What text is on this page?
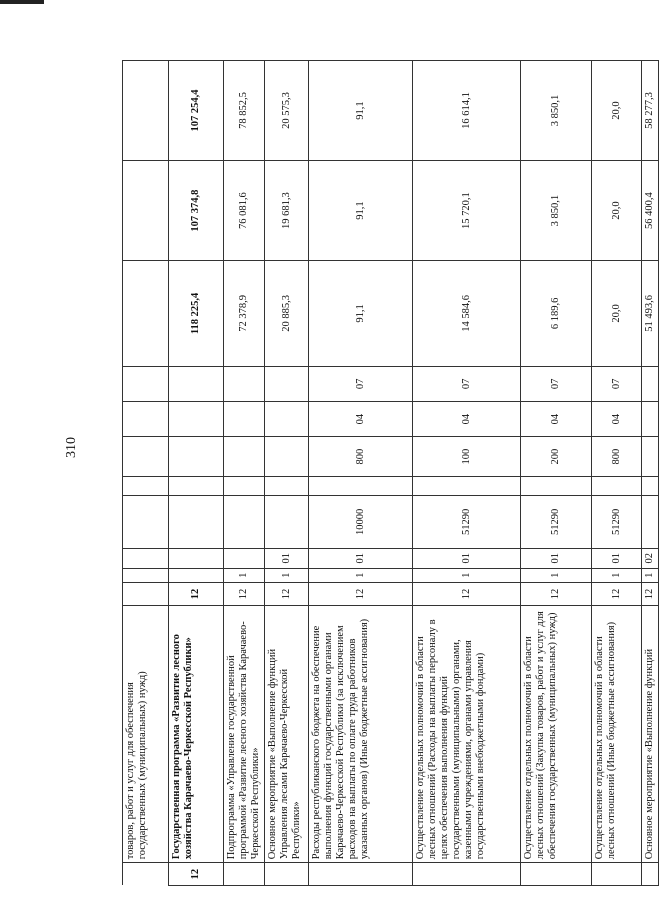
310
	товаров, работ и услуг для обеспечения государственных (муниципальных) нужд)											
12	Государственная программа «Развитие лесного хозяйства Карачаево-Черкесской Республики»	12								118 225,4	107 374,8	107 254,4
	Подпрограмма «Управление государственной программой «Развитие лесного хозяйства Карачаево-Черкесской Республики»	12	1							72 378,9	76 081,6	78 852,5
	Основное мероприятие «Выполнение функций Управления лесами Карачаево-Черкесской Республики»	12	1	01						20 885,3	19 681,3	20 575,3
	Расходы республиканского бюджета на обеспечение выполнения функций государственными органами Карачаево-Черкесской Республики (за исключением расходов на выплаты по оплате труда работников указанных органов) (Иные бюджетные ассигнования)	12	1	01	10000		800	04	07	91,1	91,1	91,1
	Осуществление отдельных полномочий в области лесных отношений (Расходы на выплаты персоналу в целях обеспечения выполнения функций государственными (муниципальными) органами, казенными учреждениями, органами управления государственными внебюджетными фондами)	12	1	01	51290		100	04	07	14 584,6	15 720,1	16 614,1
	Осуществление отдельных полномочий в области лесных отношений (Закупка товаров, работ и услуг для обеспечения государственных (муниципальных) нужд)	12	1	01	51290		200	04	07	6 189,6	3 850,1	3 850,1
	Осуществление отдельных полномочий в области лесных отношений (Иные бюджетные ассигнования)	12	1	01	51290		800	04	07	20,0	20,0	20,0
	Основное мероприятие «Выполнение функций	12	1	02						51 493,6	56 400,4	58 277,3
